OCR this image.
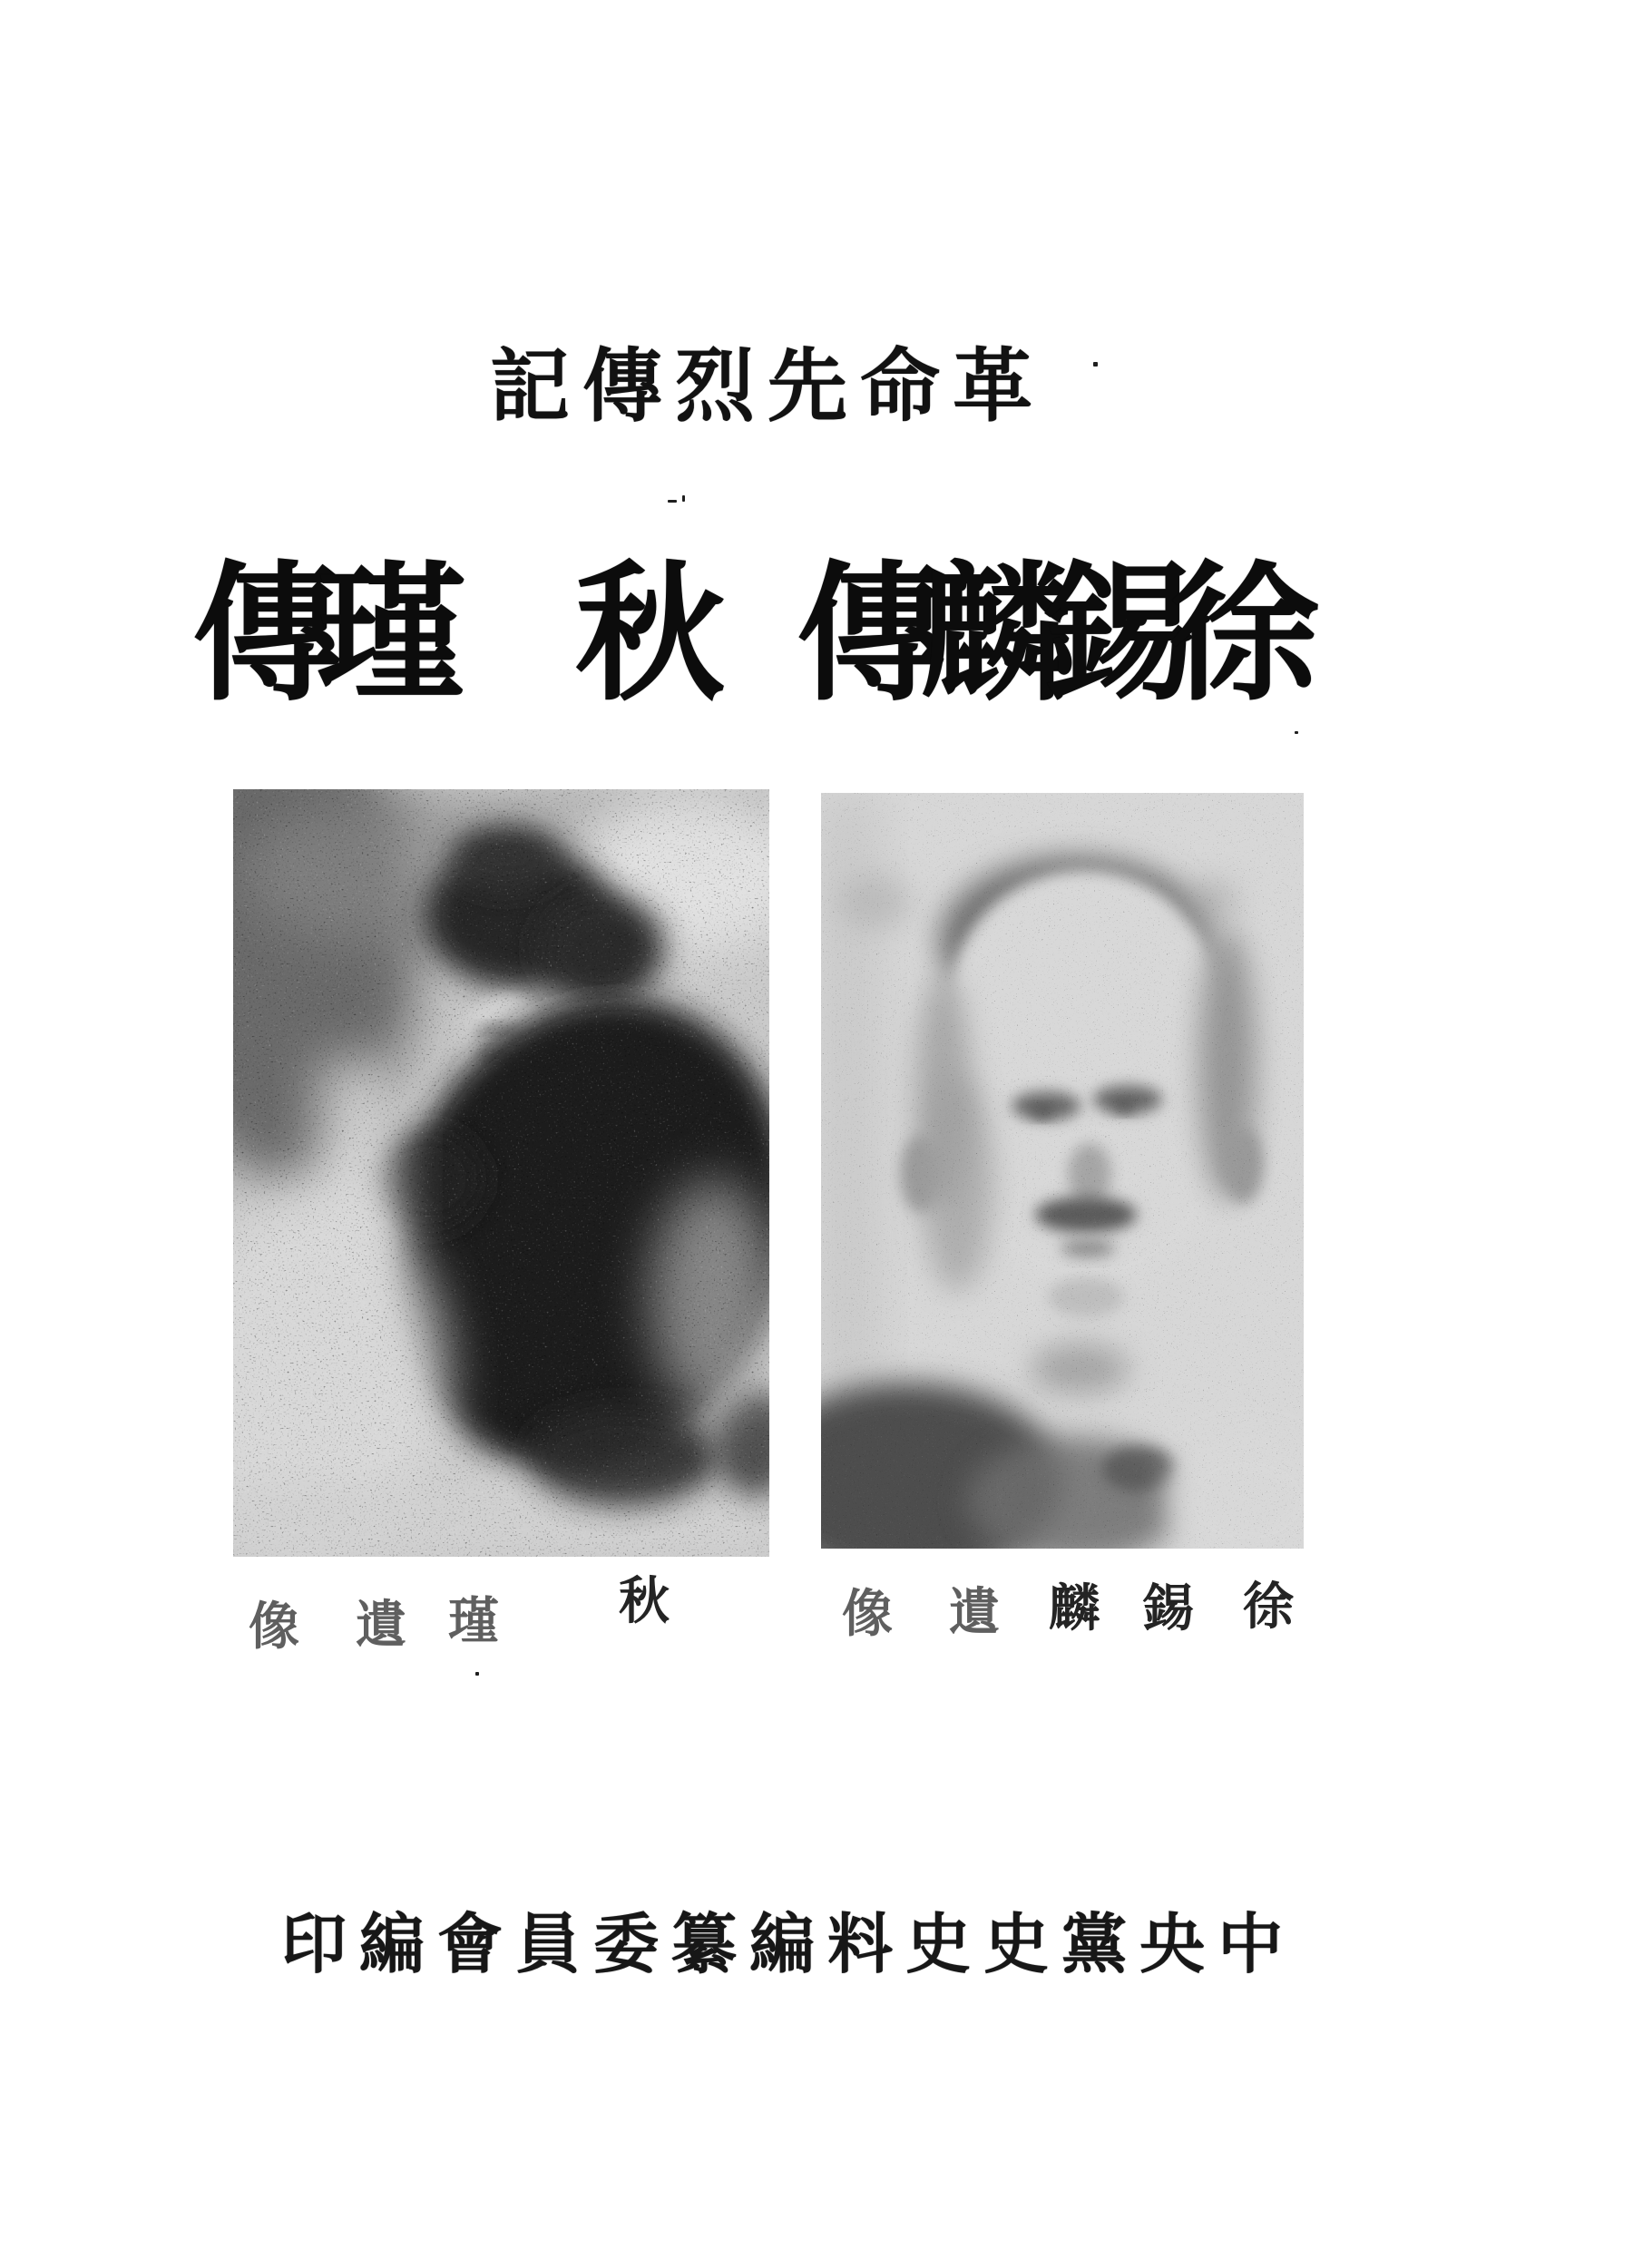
記 傳 烈 先 命 革
傳
瑾 秋 傳
麟
錫
徐
像 遺 瑾 秋	像 遺 麟 錫 徐
印 編 會 員 委 纂 編 料 史 史 黨 央 中
